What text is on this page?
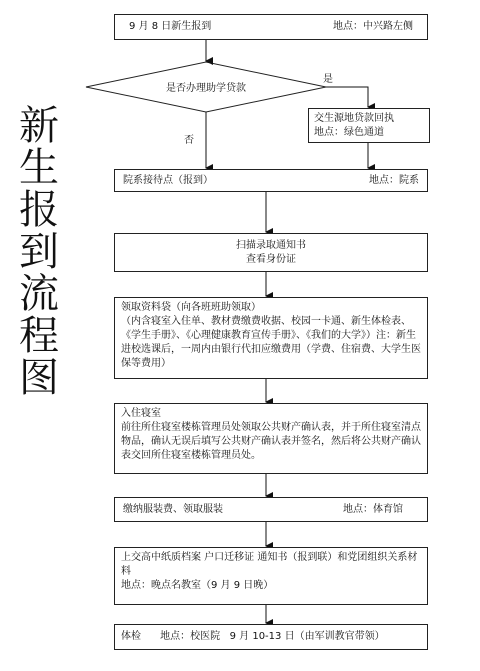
新
生
报
到
流
程
图
9 月 8 日新生报到	地点：中兴路左侧
是否办理助学贷款
是
否
交生源地贷款回执
地点：绿色通道
院系接待点（报到）	地点：院系
扫描录取通知书
查看身份证
领取资料袋（向各班班助领取）
（内含寝室入住单、教材费缴费收据、校园一卡通、新生体检表、《学生手册》、《心理健康教育宣传手册》、《我们的大学》）注：新生进校选课后，一周内由银行代扣应缴费用（学费、住宿费、大学生医保等费用）
入住寝室
前往所住寝室楼栋管理员处领取公共财产确认表，并于所住寝室清点物品，确认无误后填写公共财产确认表并签名，然后将公共财产确认表交回所住寝室楼栋管理员处。
缴纳服装费、领取服装	地点：体育馆
上交高中纸质档案 户口迁移证 通知书（报到联）和党团组织关系材料
地点：晚点名教室（9 月 9 日晚）
体检      地点：校医院   9 月 10-13 日（由军训教官带领）
